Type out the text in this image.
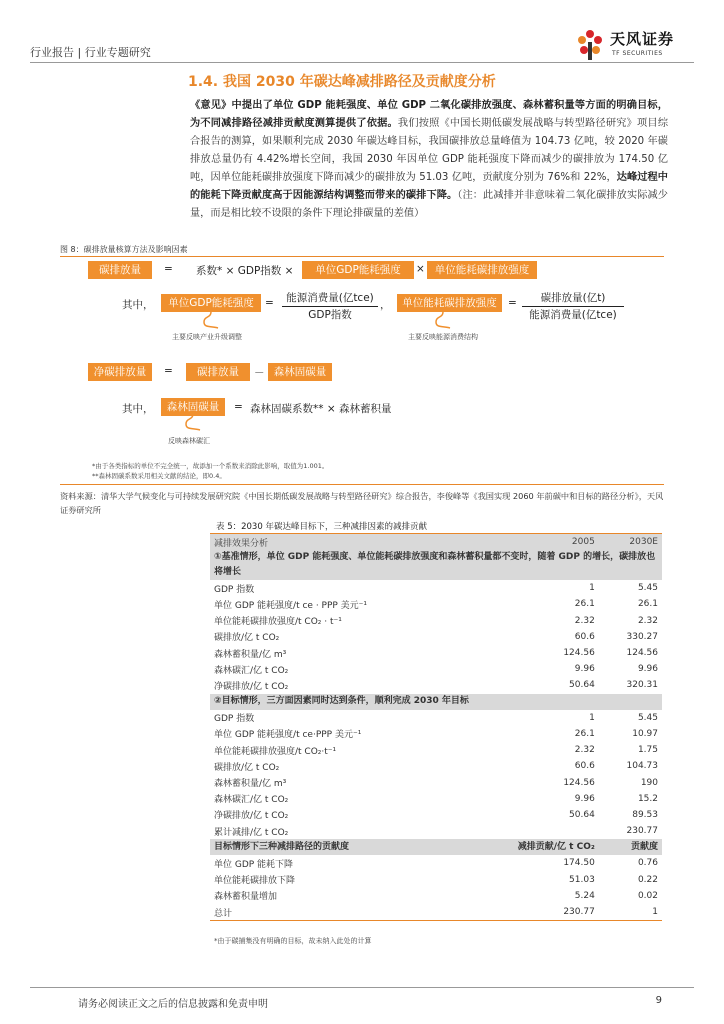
行业报告 | 行业专题研究
天风证券
TF SECURITIES
1.4. 我国 2030 年碳达峰减排路径及贡献度分析
《意见》中提出了单位 GDP 能耗强度、单位 GDP 二氧化碳排放强度、森林蓄积量等方面的明确目标，为不同减排路径减排贡献度测算提供了依据。我们按照《中国长期低碳发展战略与转型路径研究》项目综合报告的测算，如果顺利完成 2030 年碳达峰目标，我国碳排放总量峰值为 104.73 亿吨，较 2020 年碳排放总量仍有 4.42%增长空间，我国 2030 年因单位 GDP 能耗强度下降而减少的碳排放为 174.50 亿吨，因单位能耗碳排放强度下降而减少的碳排放为 51.03 亿吨，贡献度分别为 76%和 22%，达峰过程中的能耗下降贡献度高于因能源结构调整而带来的碳排下降。（注：此减排并非意味着二氧化碳排放实际减少量，而是相比较不设限的条件下理论排碳量的差值）
图 8：碳排放量核算方法及影响因素
碳排放量	= 系数* × GDP指数 ×	单位GDP能耗强度	× 单位能耗碳排放强度
其中，	单位GDP能耗强度	=	能源消费量(亿tce)
GDP指数
，	单位能耗碳排放强度	=	碳排放量(亿t)
能源消费量(亿tce)
主要反映产业升级调整	主要反映能源消费结构
净碳排放量	=	碳排放量	－ 森林固碳量
其中，	森林固碳量	= 森林固碳系数** × 森林蓄积量
反映森林碳汇
*由于各类指标的单位不完全统一，故添加一个系数来消除此影响，取值为1.001。
**森林固碳系数采用相关文献的结论，即0.4。
资料来源：清华大学气候变化与可持续发展研究院《中国长期低碳发展战略与转型路径研究》综合报告，李俊峰等《我国实现 2060 年前碳中和目标的路径分析》，天风证券研究所
表 5：2030 年碳达峰目标下，三种减排因素的减排贡献
减排效果分析	2005	2030E
①基准情形，单位 GDP 能耗强度、单位能耗碳排放强度和森林蓄积量都不变时，随着 GDP 的增长，碳排放也将增长		
GDP 指数	1	5.45
单位 GDP 能耗强度/t ce · PPP 美元⁻¹	26.1	26.1
单位能耗碳排放强度/t CO₂ · t⁻¹	2.32	2.32
碳排放/亿 t CO₂	60.6	330.27
森林蓄积量/亿 m³	124.56	124.56
森林碳汇/亿 t CO₂	9.96	9.96
净碳排放/亿 t CO₂	50.64	320.31
②目标情形，三方面因素同时达到条件，顺利完成 2030 年目标		
GDP 指数	1	5.45
单位 GDP 能耗强度/t ce·PPP 美元⁻¹	26.1	10.97
单位能耗碳排放强度/t CO₂·t⁻¹	2.32	1.75
碳排放/亿 t CO₂	60.6	104.73
森林蓄积量/亿 m³	124.56	190
森林碳汇/亿 t CO₂	9.96	15.2
净碳排放/亿 t CO₂	50.64	89.53
累计减排/亿 t CO₂		230.77
目标情形下三种减排路径的贡献度	减排贡献/亿 t CO₂	贡献度
单位 GDP 能耗下降	174.50	0.76
单位能耗碳排放下降	51.03	0.22
森林蓄积量增加	5.24	0.02
总计	230.77	1
*由于碳捕集没有明确的目标，故未纳入此处的计算
请务必阅读正文之后的信息披露和免责申明	9
